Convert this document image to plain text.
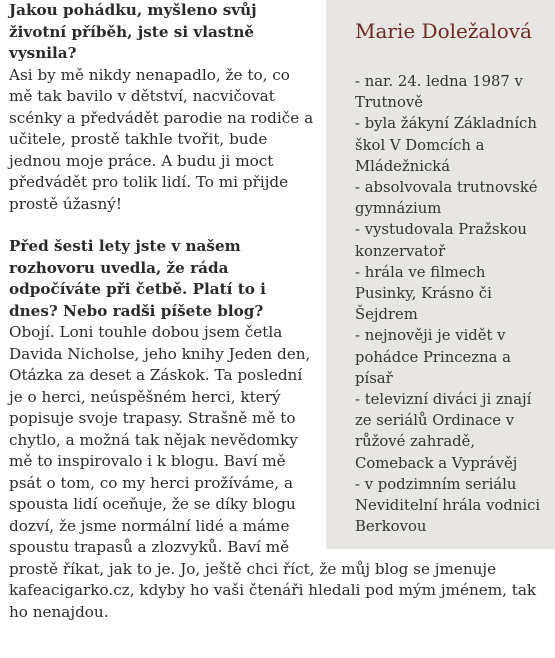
Marie Doležalová
- nar. 24. ledna 1987 v Trutnově
- byla žákyní Základních škol V Domcích a Mládežnická
- absolvovala trutnovské gymnázium
- vystudovala Pražskou konzervatoř
- hrála ve filmech Pusinky, Krásno či Šejdrem
- nejnověji je vidět v pohádce Princezna a písař
- televizní diváci ji znají ze seriálů Ordinace v růžové zahradě, Comeback a Vyprávěj
- v podzimním seriálu Neviditelní hrála vodnici Berkovou

Jakou pohádku, myšleno svůj životní příběh, jste si vlastně vysnila?

Asi by mě nikdy nenapadlo, že to, co mě tak bavilo v dětství, nacvičovat scénky a předvádět parodie na rodiče a učitele, prostě takhle tvořit, bude jednou moje práce. A budu ji moct předvádět pro tolik lidí. To mi přijde prostě úžasný!

Před šesti lety jste v našem rozhovoru uvedla, že ráda odpočíváte při četbě. Platí to i dnes? Nebo radši píšete blog?

Obojí. Loni touhle dobou jsem četla Davida Nicholse, jeho knihy Jeden den, Otázka za deset a Záskok. Ta poslední je o herci, neúspěšném herci, který popisuje svoje trapasy. Strašně mě to chytlo, a možná tak nějak nevědomky mě to inspirovalo i k blogu. Baví mě psát o tom, co my herci prožíváme, a spousta lidí oceňuje, že se díky blogu dozví, že jsme normální lidé a máme spoustu trapasů a zlozvyků. Baví mě prostě říkat, jak to je. Jo, ještě chci říct, že můj blog se jmenuje kafeacigarko.cz, kdyby ho vaši čtenáři hledali pod mým jménem, tak ho nenajdou.
